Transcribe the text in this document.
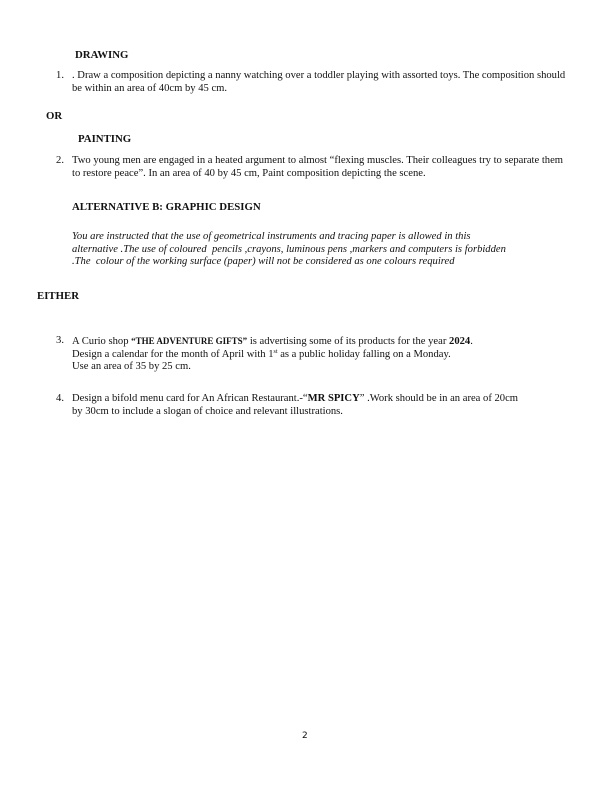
DRAWING
1. . Draw a composition depicting a nanny watching over a toddler playing with assorted toys. The composition should be within an area of 40cm by 45 cm.
OR
PAINTING
2. Two young men are engaged in a heated argument to almost “flexing muscles. Their colleagues try to separate them to restore peace”. In an area of 40 by 45 cm, Paint composition depicting the scene.
ALTERNATIVE B: GRAPHIC DESIGN
You are instructed that the use of geometrical instruments and tracing paper is allowed in this
alternative .The use of coloured  pencils ,crayons, luminous pens ,markers and computers is forbidden
.The  colour of the working surface (paper) will not be considered as one colours required
EITHER
3. A Curio shop “THE ADVENTURE GIFTS” is advertising some of its products for the year 2024.
Design a calendar for the month of April with 1st as a public holiday falling on a Monday.
Use an area of 35 by 25 cm.
4. Design a bifold menu card for An African Restaurant.-“MR SPICY” .Work should be in an area of 20cm
by 30cm to include a slogan of choice and relevant illustrations.
2
